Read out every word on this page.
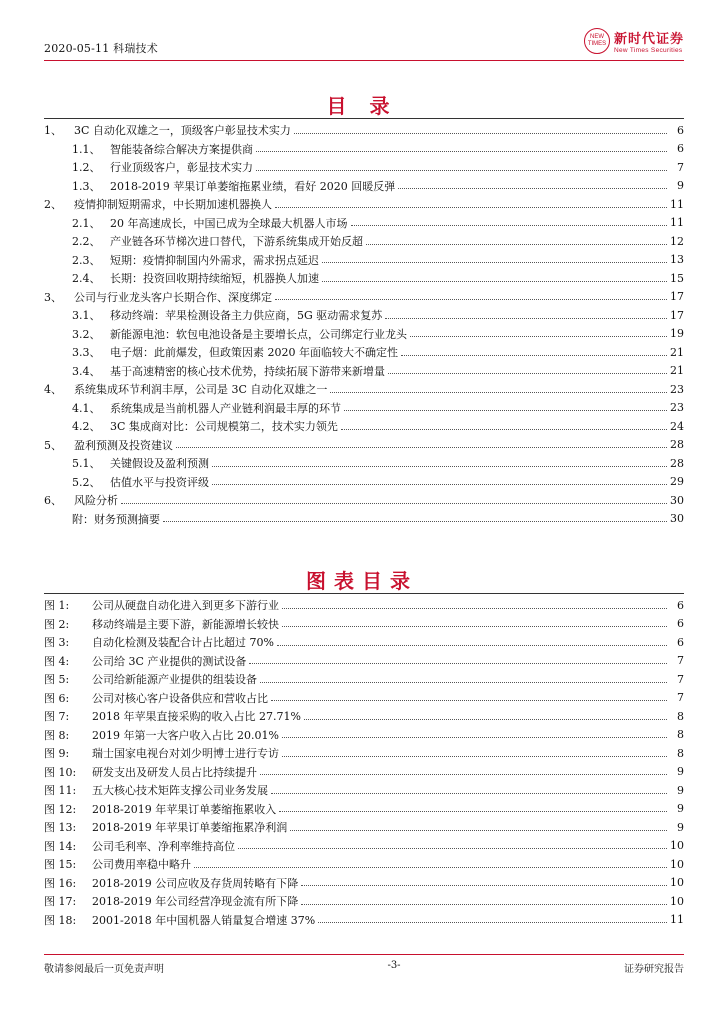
2020-05-11 科瑞技术
NEW
TIMES 新时代证券
New Times Securities
目 录
1、	3C 自动化双雄之一，顶级客户彰显技术实力	6
1.1、 智能装备综合解决方案提供商	6
1.2、 行业顶级客户，彰显技术实力	7
1.3、 2018-2019 苹果订单萎缩拖累业绩，看好 2020 回暖反弹	9
2、	疫情抑制短期需求，中长期加速机器换人	11
2.1、 20 年高速成长，中国已成为全球最大机器人市场	11
2.2、 产业链各环节梯次进口替代，下游系统集成开始反超	12
2.3、 短期：疫情抑制国内外需求，需求拐点延迟	13
2.4、 长期：投资回收期持续缩短，机器换人加速	15
3、	公司与行业龙头客户长期合作、深度绑定	17
3.1、 移动终端：苹果检测设备主力供应商，5G 驱动需求复苏	17
3.2、 新能源电池：软包电池设备是主要增长点，公司绑定行业龙头	19
3.3、 电子烟：此前爆发，但政策因素 2020 年面临较大不确定性	21
3.4、 基于高速精密的核心技术优势，持续拓展下游带来新增量	21
4、	系统集成环节利润丰厚，公司是 3C 自动化双雄之一	23
4.1、 系统集成是当前机器人产业链利润最丰厚的环节	23
4.2、 3C 集成商对比：公司规模第二，技术实力领先	24
5、	盈利预测及投资建议	28
5.1、 关键假设及盈利预测	28
5.2、 估值水平与投资评级	29
6、	风险分析	30
附：财务预测摘要	30
图表目录
图 1:	公司从硬盘自动化进入到更多下游行业	6
图 2:	移动终端是主要下游，新能源增长较快	6
图 3:	自动化检测及装配合计占比超过 70%	6
图 4:	公司给 3C 产业提供的测试设备	7
图 5:	公司给新能源产业提供的组装设备	7
图 6:	公司对核心客户设备供应和营收占比	7
图 7:	2018 年苹果直接采购的收入占比 27.71%	8
图 8:	2019 年第一大客户收入占比 20.01%	8
图 9:	瑞士国家电视台对刘少明博士进行专访	8
图 10:	研发支出及研发人员占比持续提升	9
图 11:	五大核心技术矩阵支撑公司业务发展	9
图 12:	2018-2019 年苹果订单萎缩拖累收入	9
图 13:	2018-2019 年苹果订单萎缩拖累净利润	9
图 14:	公司毛利率、净利率维持高位	10
图 15:	公司费用率稳中略升	10
图 16:	2018-2019 公司应收及存货周转略有下降	10
图 17:	2018-2019 年公司经营净现金流有所下降	10
图 18:	2001-2018 年中国机器人销量复合增速 37%	11
敬请参阅最后一页免责声明	-3-	证券研究报告
